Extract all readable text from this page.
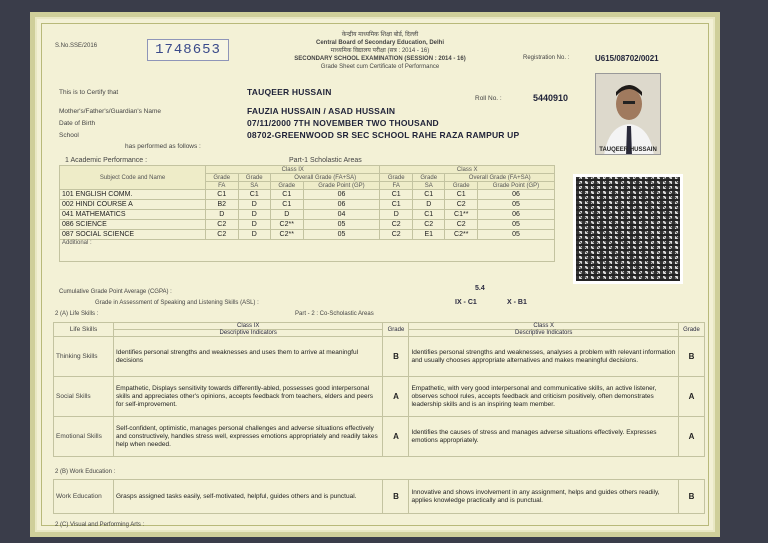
S.No.SSE/2016	1748653
केन्द्रीय माध्यमिक शिक्षा बोर्ड, दिल्ली
Central Board of Secondary Education, Delhi
माध्यमिक विद्यालय परीक्षा (सत्र : 2014 - 16)
SECONDARY SCHOOL EXAMINATION (SESSION : 2014 - 16)
Grade Sheet cum Certificate of Performance
Registration No. :	U615/08702/0021
This is to Certify that	TAUQEER HUSSAIN
Roll No. :	5440910
Mother's/Father's/Guardian's Name	FAUZIA HUSSAIN / ASAD HUSSAIN
Date of Birth	07/11/2000 7TH NOVEMBER TWO THOUSAND
School	08702-GREENWOOD SR SEC SCHOOL RAHE RAZA RAMPUR UP
has performed as follows :	TAUQEER HUSSAIN
1 Academic Performance :	Part-1 Scholastic Areas
Subject Code and Name	Class IX				Class X			
	Grade	Grade	Overall Grade (FA+SA)		Grade	Grade	Overall Grade (FA+SA)	
	FA	SA	Grade	Grade Point (GP)	FA	SA	Grade	Grade Point (GP)
101 ENGLISH COMM.	C1	C1	C1	06	C1	C1	C1	06
002 HINDI COURSE A	B2	D	C1	06	C1	D	C2	05
041 MATHEMATICS	D	D	D	04	D	C1	C1**	06
086 SCIENCE	C2	D	C2**	05	C2	C2	C2	05
087 SOCIAL SCIENCE	C2	D	C2**	05	C2	E1	C2**	05
Additional :								
Cumulative Grade Point Average (CGPA) :	5.4
Grade in Assessment of Speaking and Listening Skills (ASL) :	IX - C1	X - B1
2 (A) Life Skills :	Part - 2 : Co-Scholastic Areas
Life Skills	Class IX	Grade	Class X	Grade
	Descriptive Indicators		Descriptive Indicators	
Thinking Skills	Identifies personal strengths and weaknesses and uses them to arrive at meaningful decisions	B	Identifies personal strengths and weaknesses, analyses a problem with relevant information and usually chooses appropriate alternatives and makes meaningful decisions.	B
Social Skills	Empathetic, Displays sensitivity towards differently-abled, possesses good interpersonal skills and appreciates other's opinions, accepts feedback from teachers, elders and peers for self-improvement.	A	Empathetic, with very good interpersonal and communicative skills, an active listener, observes school rules, accepts feedback and criticism positively, often demonstrates leadership skills and is an inspiring team member.	A
Emotional Skills	Self-confident, optimistic, manages personal challenges and adverse situations effectively and constructively, handles stress well, expresses emotions appropriately and readily takes help when needed.	A	Identifies the causes of stress and manages adverse situations effectively. Expresses emotions appropriately.	A
2 (B) Work Education :
Work Education	Grasps assigned tasks easily, self-motivated, helpful, guides others and is punctual.	B	Innovative and shows involvement in any assignment, helps and guides others readily, applies knowledge practically and is punctual.	B
2 (C) Visual and Performing Arts :
